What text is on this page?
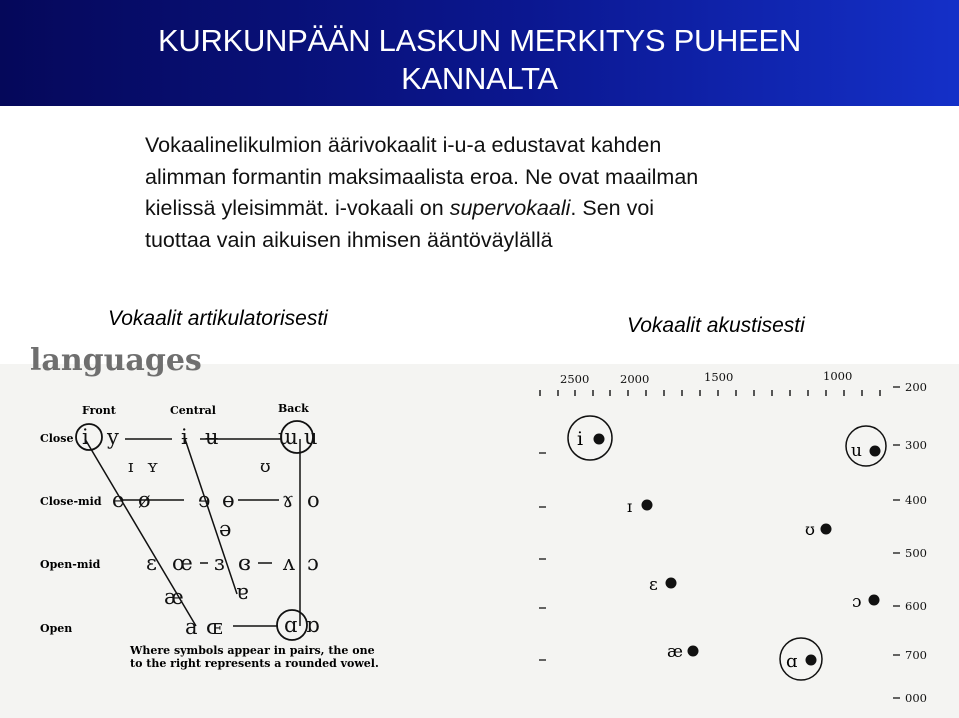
KURKUNPÄÄN LASKUN MERKITYS PUHEEN
KANNALTA
Vokaalinelikulmion äärivokaalit i-u-a edustavat kahden
alimman formantin maksimaalista eroa. Ne ovat maailman
kielissä yleisimmät. i-vokaali on supervokaali. Sen voi
tuottaa vain aikuisen ihmisen ääntöväylällä
Vokaalit artikulatorisesti	Vokaalit akustisesti
languages
Front	Central	Back
Close
Close-mid
Open-mid
Open
i y	ɨ ʉ	ɯ u
ɪ ʏ	ʊ
e ø ɘ ɵ ɤ o
ə
ɛ œ ɜ ɞ ʌ ɔ
æ ɐ
a ɶ	ɑ ɒ
Where symbols appear in pairs, the one
to the right represents a rounded vowel.
2500	2000	1500	1000
200
300
400
500
600
700
000
i
u
ɪ
ʊ
ɛ
ɔ
æ	ɑ
